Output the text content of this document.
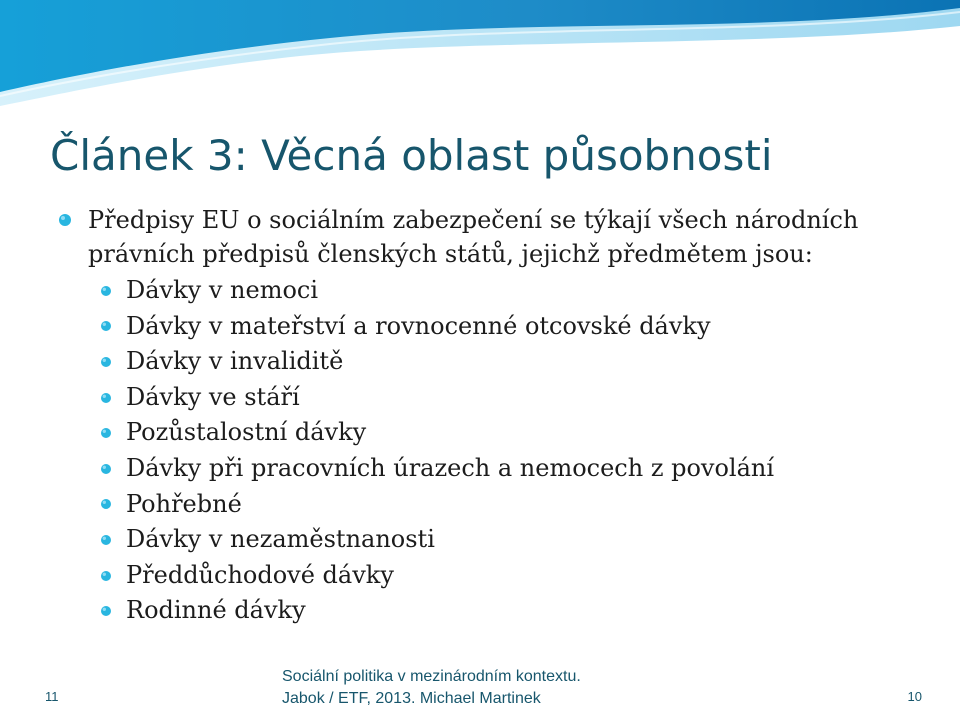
Článek 3: Věcná oblast působnosti
Předpisy EU o sociálním zabezpečení se týkají všech národních právních předpisů členských států, jejichž předmětem jsou:
Dávky v nemoci
Dávky v mateřství a rovnocenné otcovské dávky
Dávky v invaliditě
Dávky ve stáří
Pozůstalostní dávky
Dávky při pracovních úrazech a nemocech z povolání
Pohřebné
Dávky v nezaměstnanosti
Předdůchodové dávky
Rodinné dávky
11
Sociální politika v mezinárodním kontextu.
Jabok / ETF, 2013. Michael Martinek	10
